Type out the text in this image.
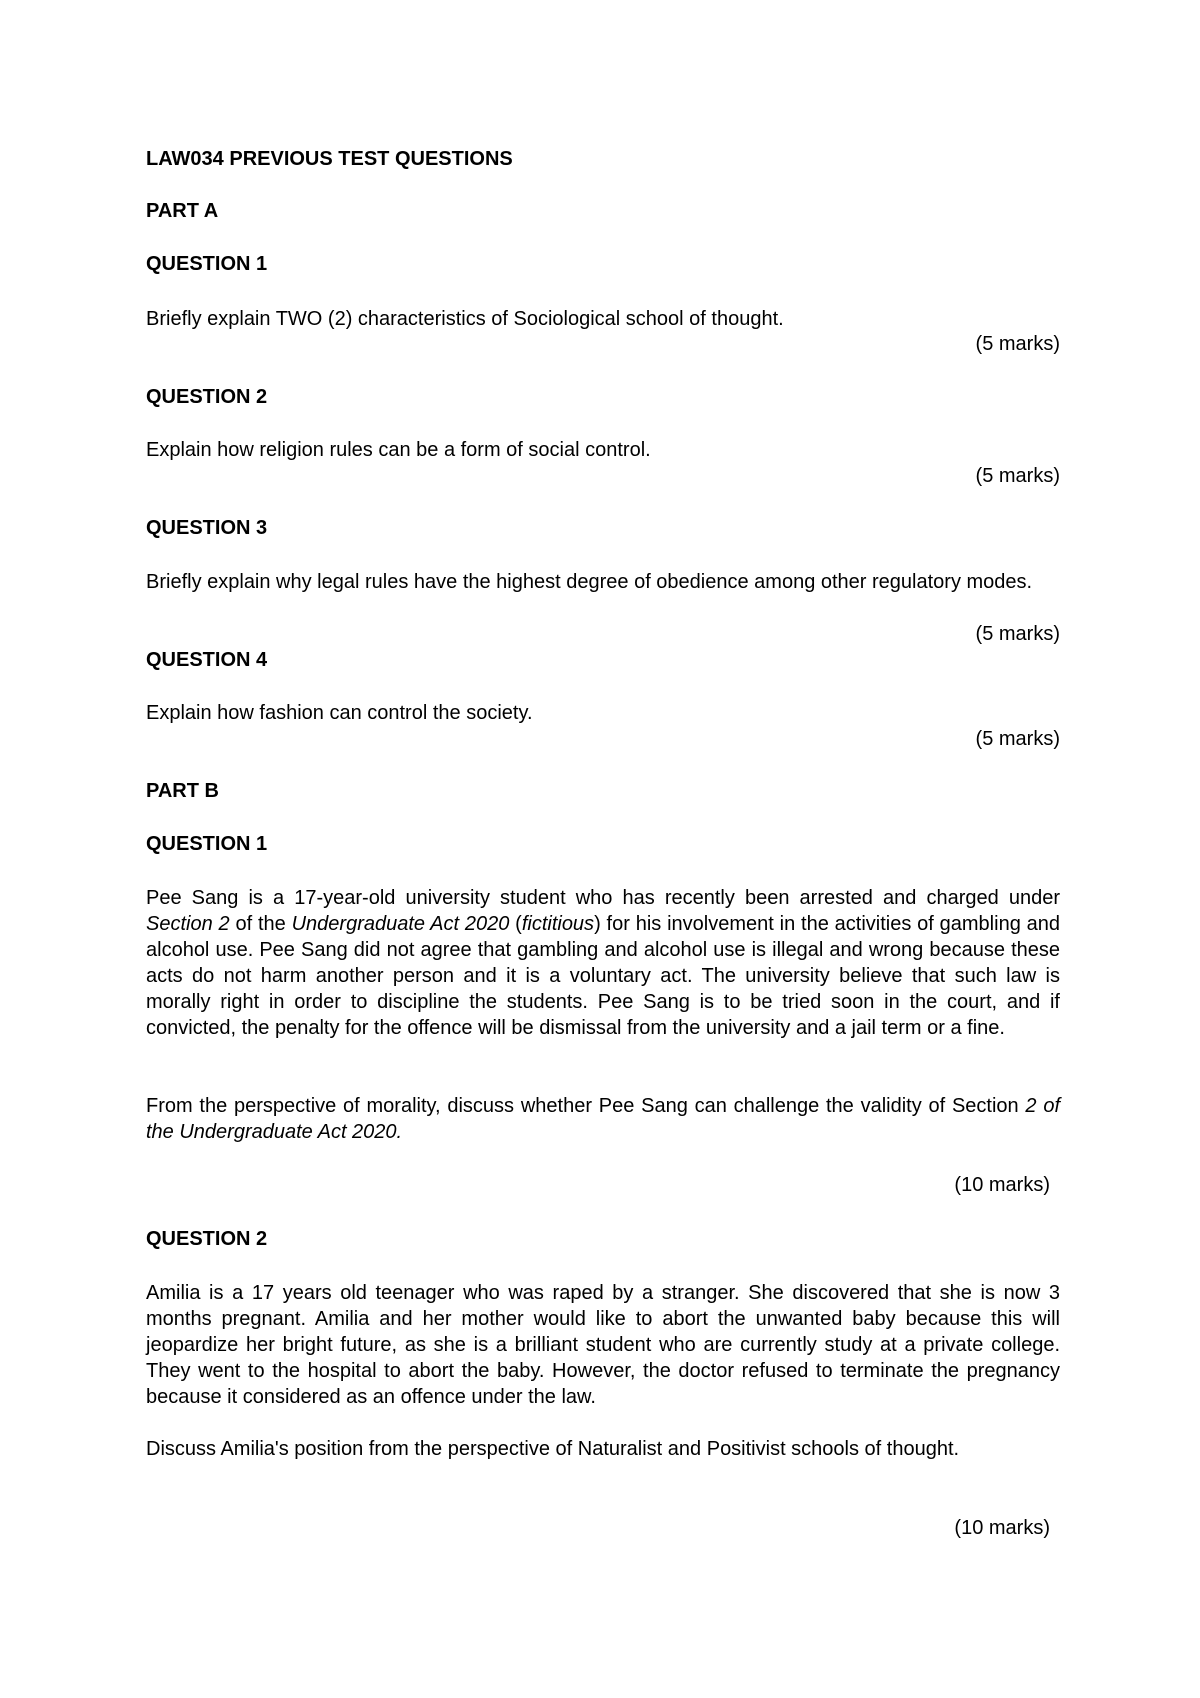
LAW034 PREVIOUS TEST QUESTIONS

PART A

QUESTION 1

Briefly explain TWO (2) characteristics of Sociological school of thought.

(5 marks)

QUESTION 2

Explain how religion rules can be a form of social control.

(5 marks)

QUESTION 3

Briefly explain why legal rules have the highest degree of obedience among other regulatory modes.

(5 marks)

QUESTION 4

Explain how fashion can control the society.

(5 marks)

PART B

QUESTION 1

Pee Sang is a 17-year-old university student who has recently been arrested and charged under Section 2 of the Undergraduate Act 2020 (fictitious) for his involvement in the activities of gambling and alcohol use. Pee Sang did not agree that gambling and alcohol use is illegal and wrong because these acts do not harm another person and it is a voluntary act. The university believe that such law is morally right in order to discipline the students. Pee Sang is to be tried soon in the court, and if convicted, the penalty for the offence will be dismissal from the university and a jail term or a fine.

From the perspective of morality, discuss whether Pee Sang can challenge the validity of Section 2 of the Undergraduate Act 2020.

(10 marks)

QUESTION 2

Amilia is a 17 years old teenager who was raped by a stranger. She discovered that she is now 3 months pregnant. Amilia and her mother would like to abort the unwanted baby because this will jeopardize her bright future, as she is a brilliant student who are currently study at a private college. They went to the hospital to abort the baby. However, the doctor refused to terminate the pregnancy because it considered as an offence under the law.

Discuss Amilia's position from the perspective of Naturalist and Positivist schools of thought.

(10 marks)
